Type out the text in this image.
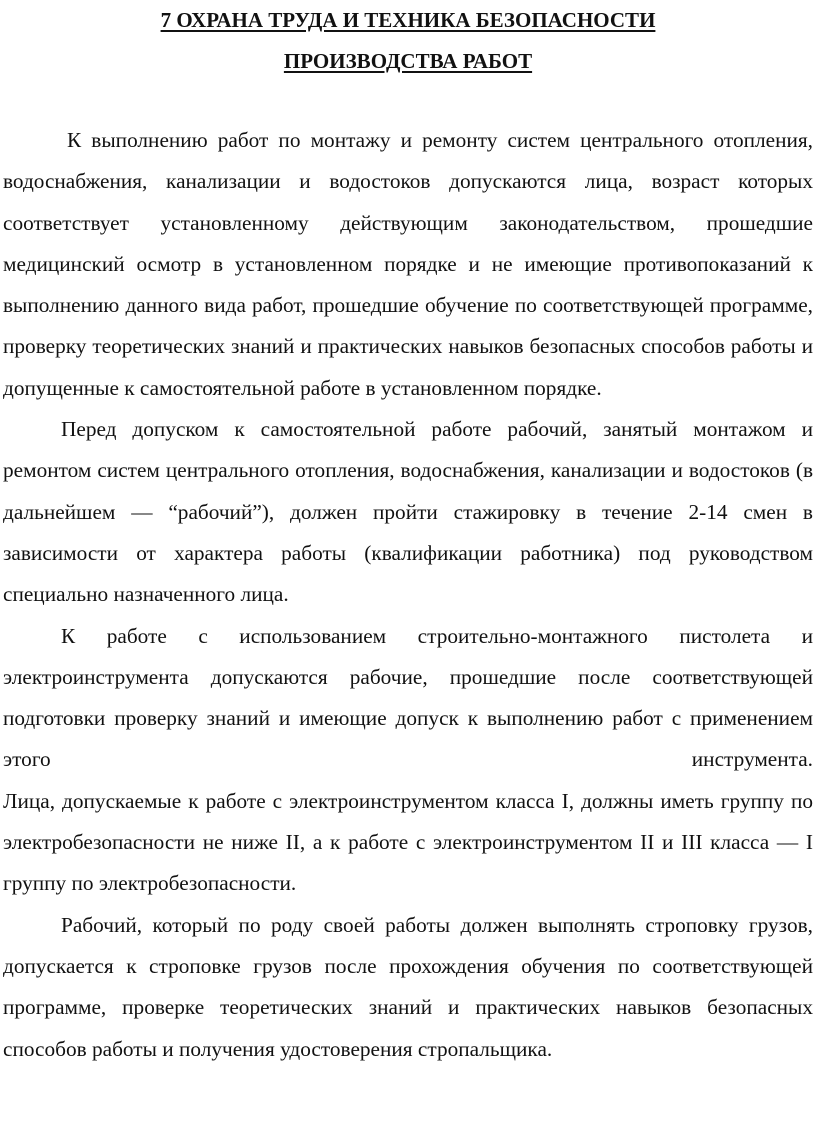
7 ОХРАНА ТРУДА И ТЕХНИКА БЕЗОПАСНОСТИ
ПРОИЗВОДСТВА РАБОТ

К выполнению работ по монтажу и ремонту систем центрального отопления, водоснабжения, канализации и водостоков допускаются лица, возраст которых соответствует установленному действующим законодательством, прошедшие медицинский осмотр в установленном порядке и не имеющие противопоказаний к выполнению данного вида работ, прошедшие обучение по соответствующей программе, проверку теоретических знаний и практических навыков безопасных способов работы и допущенные к самостоятельной работе в установленном порядке.

Перед допуском к самостоятельной работе рабочий, занятый монтажом и ремонтом систем центрального отопления, водоснабжения, канализации и водостоков (в дальнейшем — “рабочий”), должен пройти стажировку в течение 2-14 смен в зависимости от характера работы (квалификации работника) под руководством специально назначенного лица.

К работе с использованием строительно-монтажного пистолета и электроинструмента допускаются рабочие, прошедшие после соответствующей подготовки проверку знаний и имеющие допуск к выполнению работ с применением этого инструмента.

Лица, допускаемые к работе с электроинструментом класса I, должны иметь группу по электробезопасности не ниже II, а к работе с электроинструментом II и III класса — I группу по электробезопасности.

Рабочий, который по роду своей работы должен выполнять строповку грузов, допускается к строповке грузов после прохождения обучения по соответствующей программе, проверке теоретических знаний и практических навыков безопасных способов работы и получения удостоверения стропальщика.
